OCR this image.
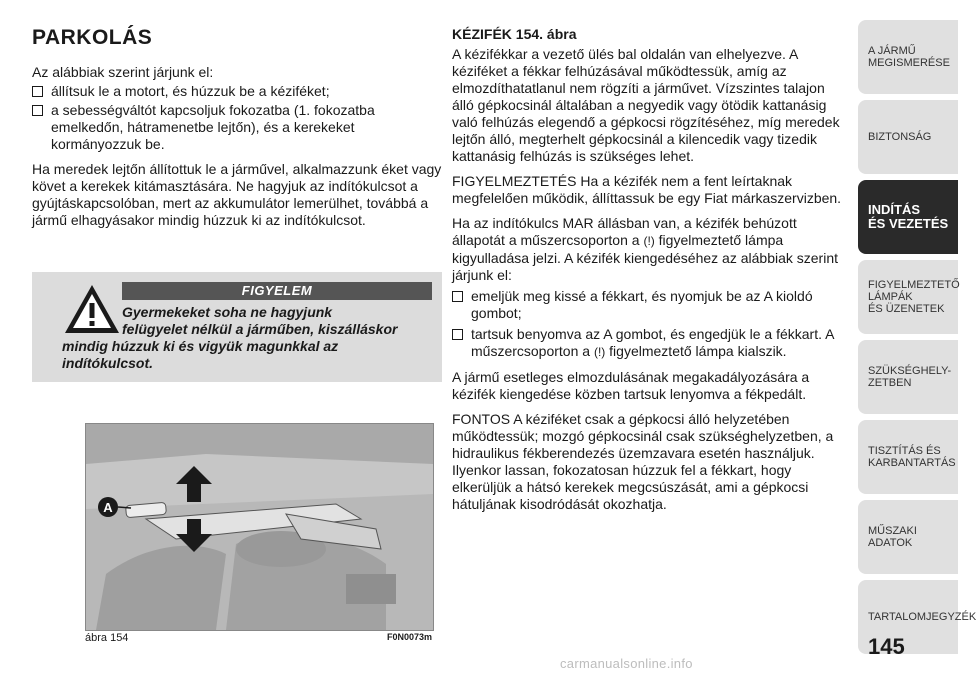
PARKOLÁS

Az alábbiak szerint járjunk el:

állítsuk le a motort, és húzzuk be a kéziféket;
a sebességváltót kapcsoljuk fokozatba (1. fokozatba emelkedőn, hátramenetbe lejtőn), és a kerekeket kormányozzuk be.

Ha meredek lejtőn állítottuk le a járművel, alkalmazzunk éket vagy követ a kerekek kitámasztására. Ne hagyjuk az indítókulcsot a gyújtáskapcsolóban, mert az akkumulátor lemerülhet, továbbá a jármű elhagyásakor mindig húzzuk ki az indítókulcsot.

FIGYELEM
Gyermekeket soha ne hagyjunk
felügyelet nélkül a járműben, kiszálláskor
mindig húzzuk ki és vigyük magunkkal az indítókulcsot.
A
ábra 154	F0N0073m
KÉZIFÉK 154. ábra

A kézifékkar a vezető ülés bal oldalán van elhelyezve. A kéziféket a fékkar felhúzásával működtessük, amíg az elmozdíthatatlanul nem rögzíti a járművet. Vízszintes talajon álló gépkocsinál általában a negyedik vagy ötödik kattanásig való felhúzás elegendő a gépkocsi rögzítéséhez, míg meredek lejtőn álló, megterhelt gépkocsinál a kilencedik vagy tizedik kattanásig felhúzás is szükséges lehet.

FIGYELMEZTETÉS Ha a kézifék nem a fent leírtaknak megfelelően működik, állíttassuk be egy Fiat márkaszervizben.

Ha az indítókulcs MAR állásban van, a kézifék behúzott állapotát a műszercsoporton a (!) figyelmeztető lámpa kigyulladása jelzi. A kézifék kiengedéséhez az alábbiak szerint járjunk el:

emeljük meg kissé a fékkart, és nyomjuk be az A kioldó gombot;
tartsuk benyomva az A gombot, és engedjük le a fékkart. A műszercsoporton a (!) figyelmeztető lámpa kialszik.

A jármű esetleges elmozdulásának megakadályozására a kézifék kiengedése közben tartsuk lenyomva a fékpedált.

FONTOS A kéziféket csak a gépkocsi álló helyzetében működtessük; mozgó gépkocsinál csak szükséghelyzetben, a hidraulikus fékberendezés üzemzavara esetén használjuk. Ilyenkor lassan, fokozatosan húzzuk fel a fékkart, hogy elkerüljük a hátsó kerekek megcsúszását, ami a gépkocsi hátuljának kisodródását okozhatja.

A JÁRMŰ
MEGISMERÉSE
BIZTONSÁG
INDÍTÁS
ÉS VEZETÉS
FIGYELMEZTETŐ
LÁMPÁK
ÉS ÜZENETEK
SZÜKSÉGHELY-
ZETBEN
TISZTÍTÁS ÉS
KARBANTARTÁS
MŰSZAKI
ADATOK
TARTALOMJEGYZÉK
145
carmanualsonline.info
